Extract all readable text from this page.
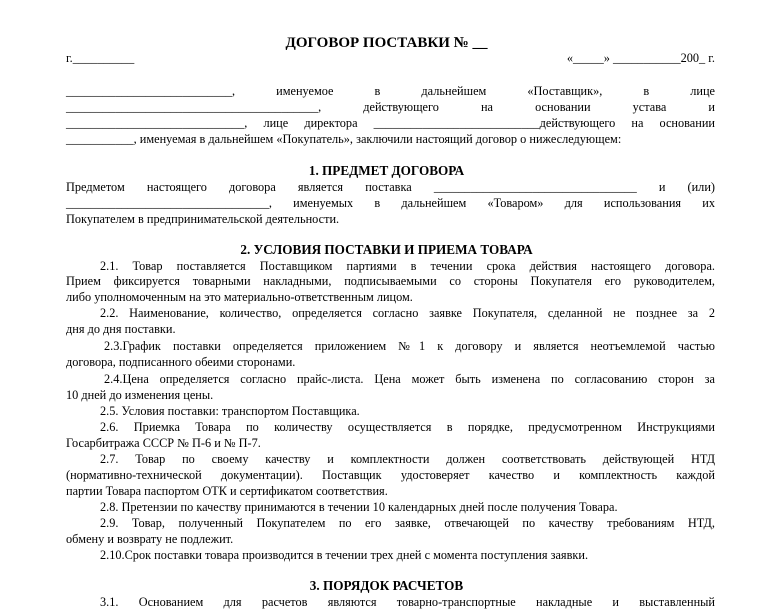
ДОГОВОР ПОСТАВКИ № __
г.__________	«_____» ___________200_ г.
___________________________, именуемое в дальнейшем «Поставщик», в лице
_________________________________________, действующего на основании устава и
_____________________________, лице директора ___________________________действующего на основании
___________, именуемая в дальнейшем «Покупатель», заключили настоящий договор о нижеследующем:
1. ПРЕДМЕТ ДОГОВОРА
Предметом настоящего договора является поставка _________________________________ и (или)
_________________________________, именуемых в дальнейшем «Товаром» для использования их
Покупателем в предпринимательской деятельности.
2. УСЛОВИЯ ПОСТАВКИ И ПРИЕМА ТОВАРА
2.1. Товар поставляется Поставщиком партиями в течении срока действия настоящего договора.
Прием фиксируется товарными накладными, подписываемыми со стороны Покупателя его руководителем,
либо уполномоченным на это материально-ответственным лицом.
2.2. Наименование, количество, определяется согласно заявке Покупателя, сделанной не позднее за 2
дня до дня поставки.
2.3.График поставки определяется приложением №1 к договору и является неотъемлемой частью
договора, подписанного обеими сторонами.
2.4.Цена определяется согласно прайс-листа. Цена может быть изменена по согласованию сторон за
10 дней до изменения цены.
2.5. Условия поставки: транспортом Поставщика.
2.6. Приемка Товара по количеству осуществляется в порядке, предусмотренном Инструкциями
Госарбитража СССР № П-6 и № П-7.
2.7. Товар по своему качеству и комплектности должен соответствовать действующей НТД
(нормативно-технической документации). Поставщик удостоверяет качество и комплектность каждой
партии Товара паспортом ОТК и сертификатом соответствия.
2.8. Претензии по качеству принимаются в течении 10 календарных дней после получения Товара.
2.9. Товар, полученный Покупателем по его заявке, отвечающей по качеству требованиям НТД,
обмену и возврату не подлежит.
2.10.Срок поставки товара производится в течении трех дней с момента поступления заявки.
3. ПОРЯДОК РАСЧЕТОВ
3.1. Основанием для расчетов являются товарно-транспортные накладные и выставленный
